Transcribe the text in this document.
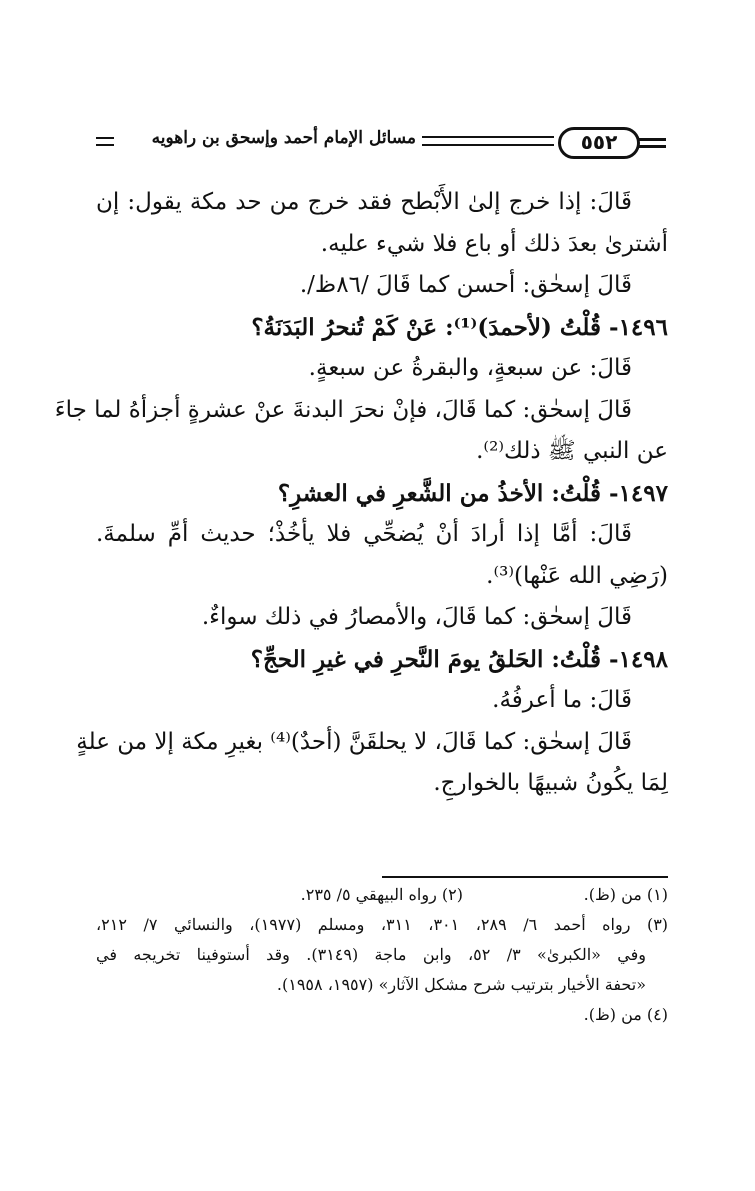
٥٥٢
مسائل الإمام أحمد وإسحق بن راهويه
قَالَ: إذا خرج إلىٰ الأَبْطح فقد خرج من حد مكة يقول: إن
أشترىٰ بعدَ ذلك أو باع فلا شيء عليه.
قَالَ إسحٰق: أحسن كما قَالَ /٨٦ظ/.
١٤٩٦- قُلْتُ (لأحمدَ)⁽¹⁾: عَنْ كَمْ تُنحرُ البَدَنَةُ؟
قَالَ: عن سبعةٍ، والبقرةُ عن سبعةٍ.
قَالَ إسحٰق: كما قَالَ، فإنْ نحرَ البدنةَ عنْ عشرةٍ أجزأهُ لما جاءَ
عن النبي ﷺ ذلك⁽²⁾.
١٤٩٧- قُلْتُ: الأخذُ من الشَّعرِ في العشرِ؟
قَالَ: أمَّا إذا أرادَ أنْ يُضحِّي فلا يأخُذْ؛ حديث أمِّ سلمةَ.
(رَضِي الله عَنْها)⁽³⁾.
قَالَ إسحٰق: كما قَالَ، والأمصارُ في ذلك سواءٌ.
١٤٩٨- قُلْتُ: الحَلقُ يومَ النَّحرِ في غيرِ الحجِّ؟
قَالَ: ما أعرفُهُ.
قَالَ إسحٰق: كما قَالَ، لا يحلقَنَّ (أحدٌ)⁽⁴⁾ بغيرِ مكة إلا من علةٍ
لِمَا يكُونُ شبيهًا بالخوارجِ.
(١) من (ظ).
(٢) رواه البيهقي ٥/ ٢٣٥.
(٣) رواه أحمد ٦/ ٢٨٩، ٣٠١، ٣١١، ومسلم (١٩٧٧)، والنسائي ٧/ ٢١٢،
وفي «الكبرىٰ» ٣/ ٥٢، وابن ماجة (٣١٤٩). وقد أستوفينا تخريجه في
«تحفة الأخيار بترتيب شرح مشكل الآثار» (١٩٥٧، ١٩٥٨).
(٤) من (ظ).
